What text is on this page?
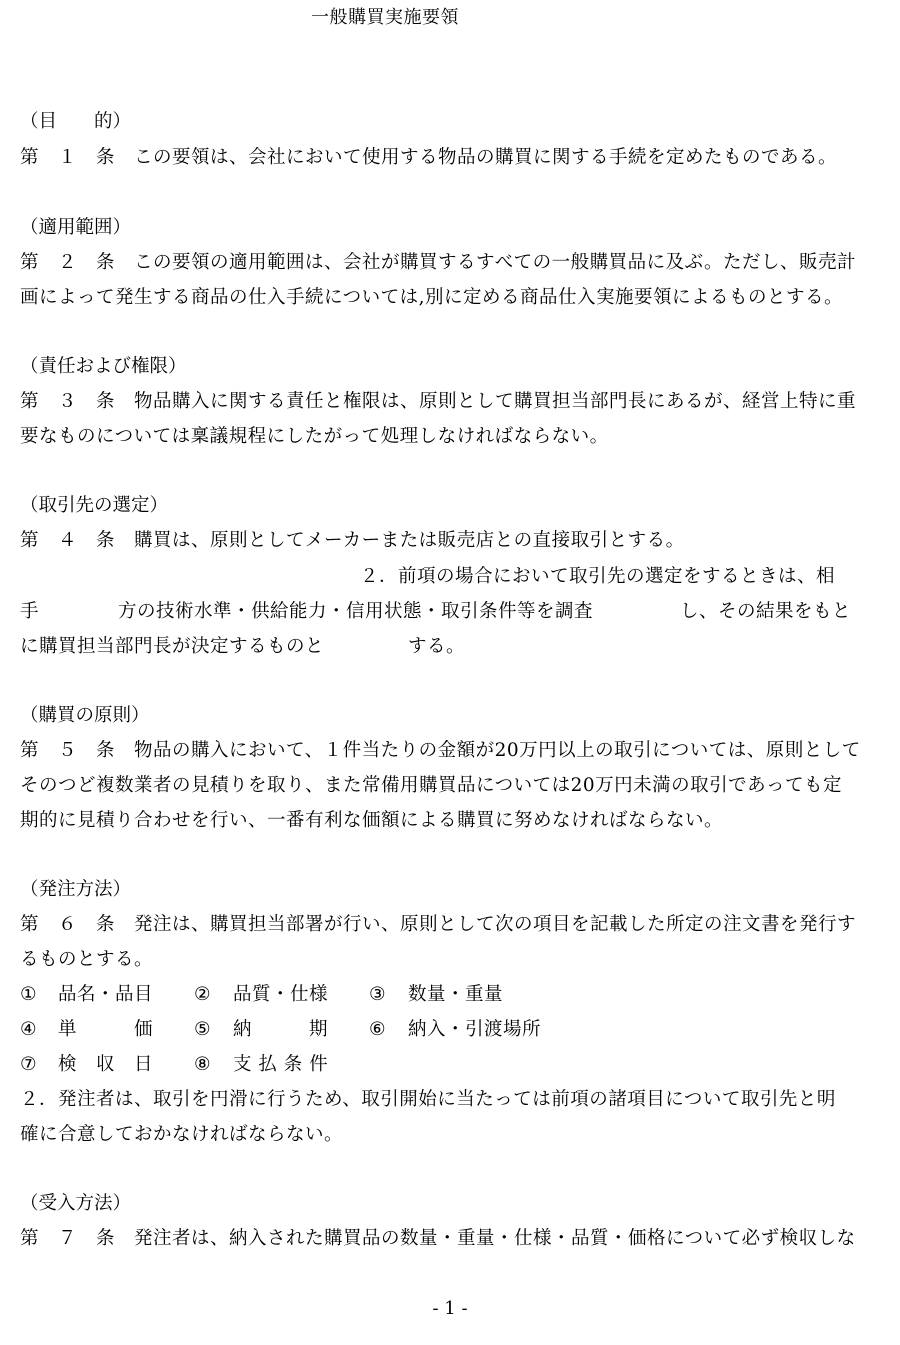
一般購買実施要領
（目　　的）
第　１　条　この要領は、会社において使用する物品の購買に関する手続を定めたものである。
（適用範囲）
第　２　条　この要領の適用範囲は、会社が購買するすべての一般購買品に及ぶ。ただし、販売計
画によって発生する商品の仕入手続については,別に定める商品仕入実施要領によるものとする。
（責任および権限）
第　３　条　物品購入に関する責任と権限は、原則として購買担当部門長にあるが、経営上特に重
要なものについては稟議規程にしたがって処理しなければならない。
（取引先の選定）
第　４　条　購買は、原則としてメーカーまたは販売店との直接取引とする。
２．前項の場合において取引先の選定をするときは、相
手	方の技術水準・供給能力・信用状態・取引条件等を調査	し、その結果をもと
に購買担当部門長が決定するものと	する。
（購買の原則）
第　５　条　物品の購入において、１件当たりの金額が20万円以上の取引については、原則として
そのつど複数業者の見積りを取り、また常備用購買品については20万円未満の取引であっても定
期的に見積り合わせを行い、一番有利な価額による購買に努めなければならない。
（発注方法）
第　６　条　発注は、購買担当部署が行い、原則として次の項目を記載した所定の注文書を発行す
るものとする。
① 品名・品目 ② 品質・仕様 ③ 数量・重量
④ 単　　　価 ⑤ 納　　　期 ⑥ 納入・引渡場所
⑦ 検　収　日 ⑧ 支 払 条 件
２．発注者は、取引を円滑に行うため、取引開始に当たっては前項の諸項目について取引先と明
確に合意しておかなければならない。
（受入方法）
第　７　条　発注者は、納入された購買品の数量・重量・仕様・品質・価格について必ず検収しな
- 1 -
